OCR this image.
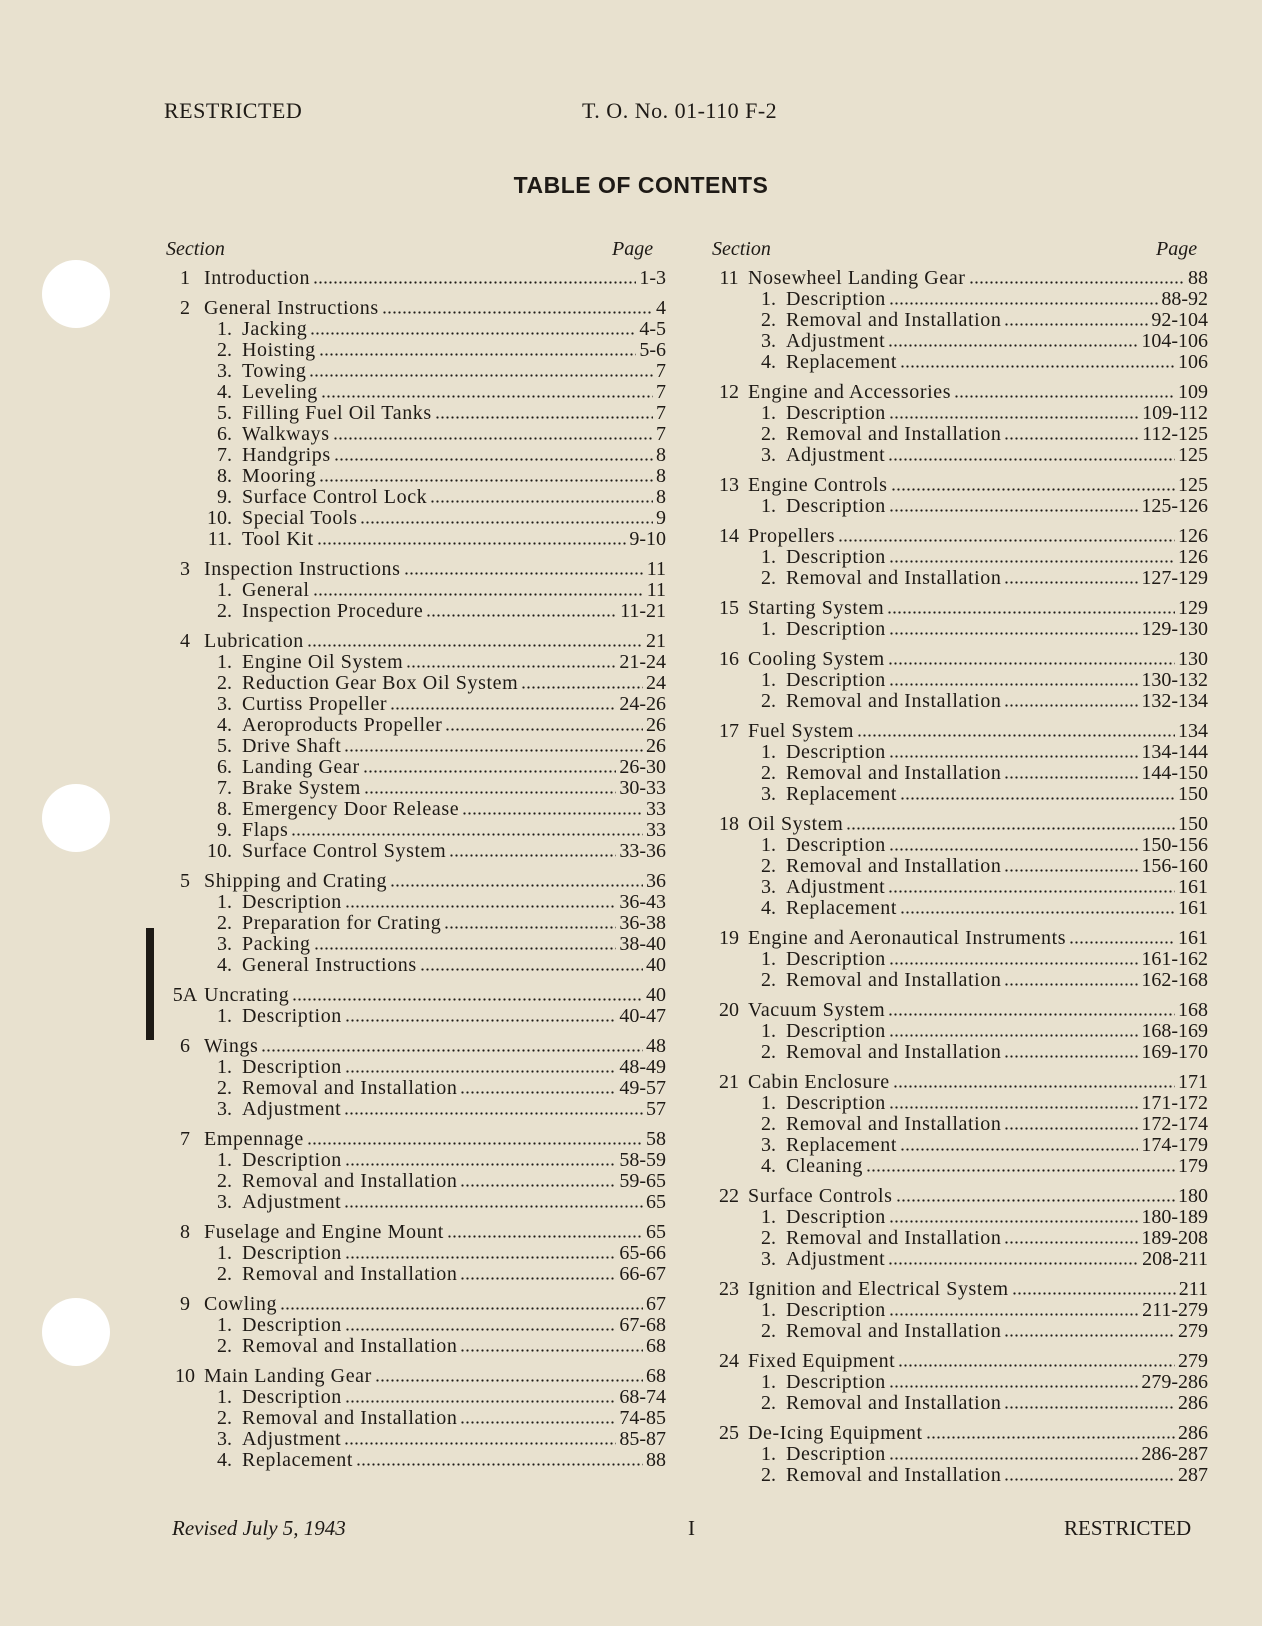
RESTRICTED	T. O. No. 01-110 F-2
TABLE OF CONTENTS
Section	Page	Section	Page
1 Introduction	1-3
2 General Instructions	4
1. Jacking	4-5
2. Hoisting	5-6
3. Towing	7
4. Leveling	7
5. Filling Fuel Oil Tanks	7
6. Walkways	7
7. Handgrips	8
8. Mooring	8
9. Surface Control Lock	8
10. Special Tools	9
11. Tool Kit	9-10
3 Inspection Instructions	11
1. General	11
2. Inspection Procedure	11-21
4 Lubrication	21
1. Engine Oil System	21-24
2. Reduction Gear Box Oil System	24
3. Curtiss Propeller	24-26
4. Aeroproducts Propeller	26
5. Drive Shaft	26
6. Landing Gear	26-30
7. Brake System	30-33
8. Emergency Door Release	33
9. Flaps	33
10. Surface Control System	33-36
5 Shipping and Crating	36
1. Description	36-43
2. Preparation for Crating	36-38
3. Packing	38-40
4. General Instructions	40
5A Uncrating	40
1. Description	40-47
6 Wings	48
1. Description	48-49
2. Removal and Installation	49-57
3. Adjustment	57
7 Empennage	58
1. Description	58-59
2. Removal and Installation	59-65
3. Adjustment	65
8 Fuselage and Engine Mount	65
1. Description	65-66
2. Removal and Installation	66-67
9 Cowling	67
1. Description	67-68
2. Removal and Installation	68
10 Main Landing Gear	68
1. Description	68-74
2. Removal and Installation	74-85
3. Adjustment	85-87
4. Replacement	88
11 Nosewheel Landing Gear	88
1. Description	88-92
2. Removal and Installation	92-104
3. Adjustment	104-106
4. Replacement	106
12 Engine and Accessories	109
1. Description	109-112
2. Removal and Installation	112-125
3. Adjustment	125
13 Engine Controls	125
1. Description	125-126
14 Propellers	126
1. Description	126
2. Removal and Installation	127-129
15 Starting System	129
1. Description	129-130
16 Cooling System	130
1. Description	130-132
2. Removal and Installation	132-134
17 Fuel System	134
1. Description	134-144
2. Removal and Installation	144-150
3. Replacement	150
18 Oil System	150
1. Description	150-156
2. Removal and Installation	156-160
3. Adjustment	161
4. Replacement	161
19 Engine and Aeronautical Instruments	161
1. Description	161-162
2. Removal and Installation	162-168
20 Vacuum System	168
1. Description	168-169
2. Removal and Installation	169-170
21 Cabin Enclosure	171
1. Description	171-172
2. Removal and Installation	172-174
3. Replacement	174-179
4. Cleaning	179
22 Surface Controls	180
1. Description	180-189
2. Removal and Installation	189-208
3. Adjustment	208-211
23 Ignition and Electrical System	211
1. Description	211-279
2. Removal and Installation	279
24 Fixed Equipment	279
1. Description	279-286
2. Removal and Installation	286
25 De-Icing Equipment	286
1. Description	286-287
2. Removal and Installation	287
Revised July 5, 1943	I	RESTRICTED
